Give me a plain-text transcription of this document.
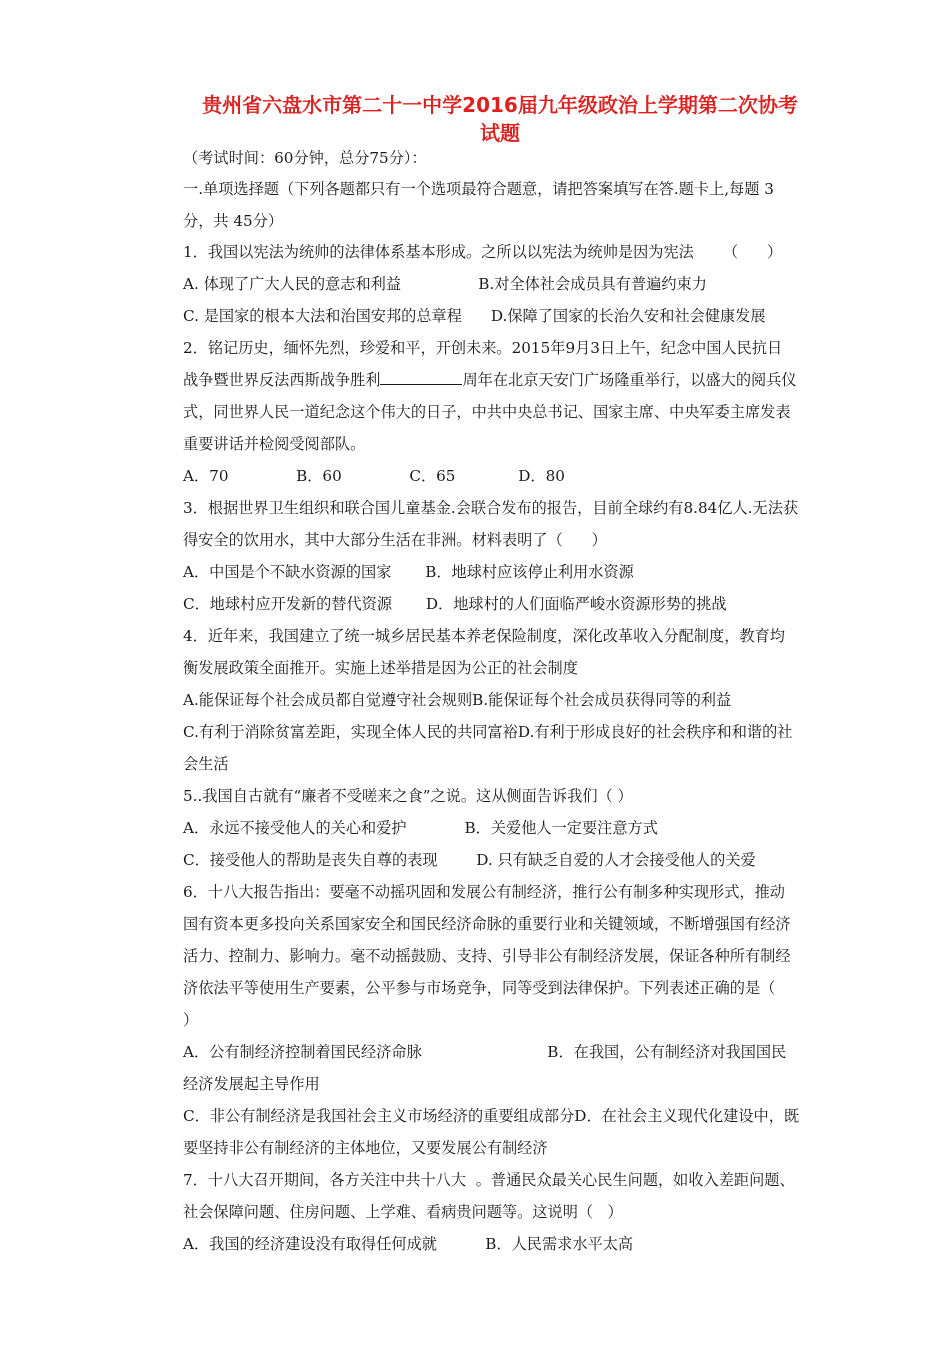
贵州省六盘水市第二十一中学2016届九年级政治上学期第二次协考
试题
（考试时间：60分钟，总分75分）：
一.单项选择题（下列各题都只有一个选项最符合题意，请把答案填写在答.题卡上,每题 3
分，共 45分）
1．我国以宪法为统帅的法律体系基本形成。之所以以宪法为统帅是因为宪法      （      ）
A. 体现了广大人民的意志和利益                B.对全体社会成员具有普遍约束力
C. 是国家的根本大法和治国安邦的总章程      D.保障了国家的长治久安和社会健康发展
2．铭记历史，缅怀先烈，珍爱和平，开创未来。2015年9月3日上午，纪念中国人民抗日
战争暨世界反法西斯战争胜利	周年在北京天安门广场隆重举行，以盛大的阅兵仪
式，同世界人民一道纪念这个伟大的日子，中共中央总书记、国家主席、中央军委主席发表
重要讲话并检阅受阅部队。
A．70              B．60              C．65             D．80
3．根据世界卫生组织和联合国儿童基金.会联合发布的报告，目前全球约有8.84亿人.无法获
得安全的饮用水，其中大部分生活在非洲。材料表明了（      ）
A．中国是个不缺水资源的国家       B．地球村应该停止利用水资源
C．地球村应开发新的替代资源       D．地球村的人们面临严峻水资源形势的挑战
4．近年来，我国建立了统一城乡居民基本养老保险制度，深化改革收入分配制度，教育均
衡发展政策全面推开。实施上述举措是因为公正的社会制度
A.能保证每个社会成员都自觉遵守社会规则B.能保证每个社会成员获得同等的利益
C.有利于消除贫富差距，实现全体人民的共同富裕D.有利于形成良好的社会秩序和和谐的社
会生活
5..我国自古就有“廉者不受嗟来之食”之说。这从侧面告诉我们（ ）
A．永远不接受他人的关心和爱护            B．关爱他人一定要注意方式
C．接受他人的帮助是丧失自尊的表现        D. 只有缺乏自爱的人才会接受他人的关爱
6．十八大报告指出：要毫不动摇巩固和发展公有制经济，推行公有制多种实现形式，推动
国有资本更多投向关系国家安全和国民经济命脉的重要行业和关键领域，不断增强国有经济
活力、控制力、影响力。毫不动摇鼓励、支持、引导非公有制经济发展，保证各种所有制经
济依法平等使用生产要素，公平参与市场竞争，同等受到法律保护。下列表述正确的是（
）
A．公有制经济控制着国民经济命脉                          B．在我国，公有制经济对我国国民
经济发展起主导作用
C．非公有制经济是我国社会主义市场经济的重要组成部分D．在社会主义现代化建设中，既
要坚持非公有制经济的主体地位，又要发展公有制经济
7．十八大召开期间，各方关注中共十八大  。普通民众最关心民生问题，如收入差距问题、
社会保障问题、住房问题、上学难、看病贵问题等。这说明（   ）
A．我国的经济建设没有取得任何成就          B．人民需求水平太高
